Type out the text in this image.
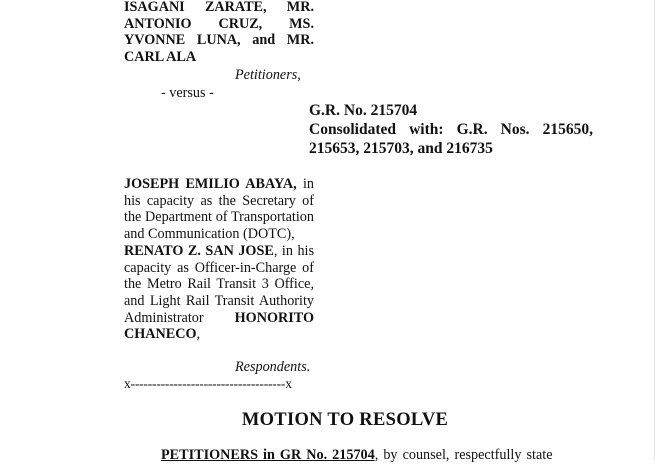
ISAGANI ZARATE, MR. ANTONIO CRUZ, MS. YVONNE LUNA, and MR. CARL ALA
Petitioners,
- versus -
G.R. No. 215704
Consolidated with: G.R. Nos. 215650, 215653, 215703, and 216735
JOSEPH EMILIO ABAYA, in his capacity as the Secretary of the Department of Transportation and Communication (DOTC),
RENATO Z. SAN JOSE, in his capacity as Officer-in-Charge of the Metro Rail Transit 3 Office, and Light Rail Transit Authority Administrator HONORITO CHANECO,
Respondents.
x------------------------------------x
MOTION TO RESOLVE
PETITIONERS in GR No. 215704, by counsel, respectfully state
